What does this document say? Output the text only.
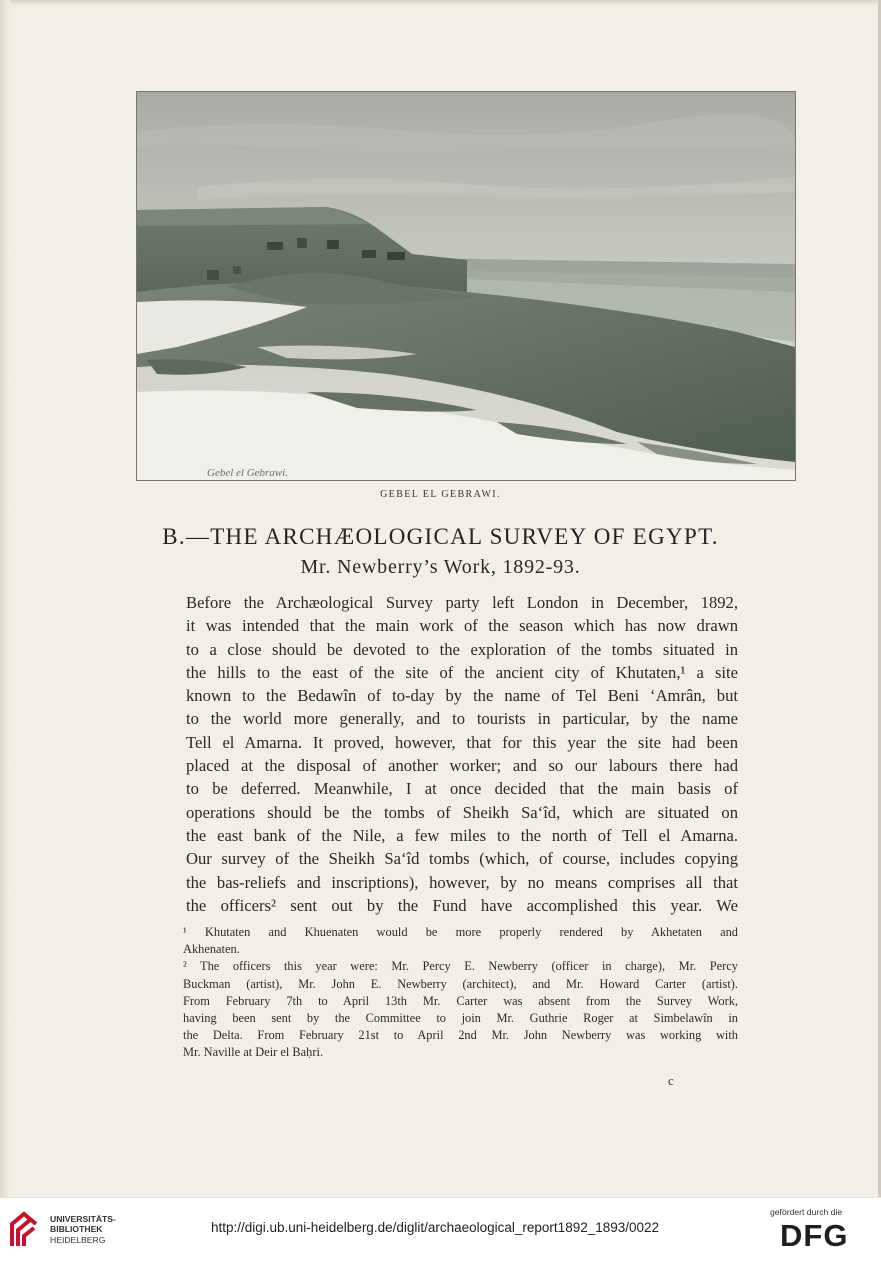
Gebel el Gebrawi.
GEBEL EL GEBRAWI.
B.—THE ARCHÆOLOGICAL SURVEY OF EGYPT.
Mr. Newberry’s Work, 1892-93.
Before the Archæological Survey party left London in December, 1892,
it was intended that the main work of the season which has now drawn
to a close should be devoted to the exploration of the tombs situated in
the hills to the east of the site of the ancient city of Khutaten,¹ a site
known to the Bedawîn of to-day by the name of Tel Beni ‘Amrân, but
to the world more generally, and to tourists in particular, by the name
Tell el Amarna. It proved, however, that for this year the site had been
placed at the disposal of another worker; and so our labours there had
to be deferred. Meanwhile, I at once decided that the main basis of
operations should be the tombs of Sheikh Sa‘îd, which are situated on
the east bank of the Nile, a few miles to the north of Tell el Amarna.
Our survey of the Sheikh Sa‘îd tombs (which, of course, includes copying
the bas-reliefs and inscriptions), however, by no means comprises all that
the officers² sent out by the Fund have accomplished this year. We
¹ Khutaten and Khuenaten would be more properly rendered by Akhetaten and
Akhenaten.
² The officers this year were: Mr. Percy E. Newberry (officer in charge), Mr. Percy
Buckman (artist), Mr. John E. Newberry (architect), and Mr. Howard Carter (artist).
From February 7th to April 13th Mr. Carter was absent from the Survey Work,
having been sent by the Committee to join Mr. Guthrie Roger at Simbelawîn in
the Delta. From February 21st to April 2nd Mr. John Newberry was working with
Mr. Naville at Deir el Baḥri.
c
UNIVERSITÄTS-
BIBLIOTHEK
HEIDELBERG
http://digi.ub.uni-heidelberg.de/diglit/archaeological_report1892_1893/0022
gefördert durch die
DFG
